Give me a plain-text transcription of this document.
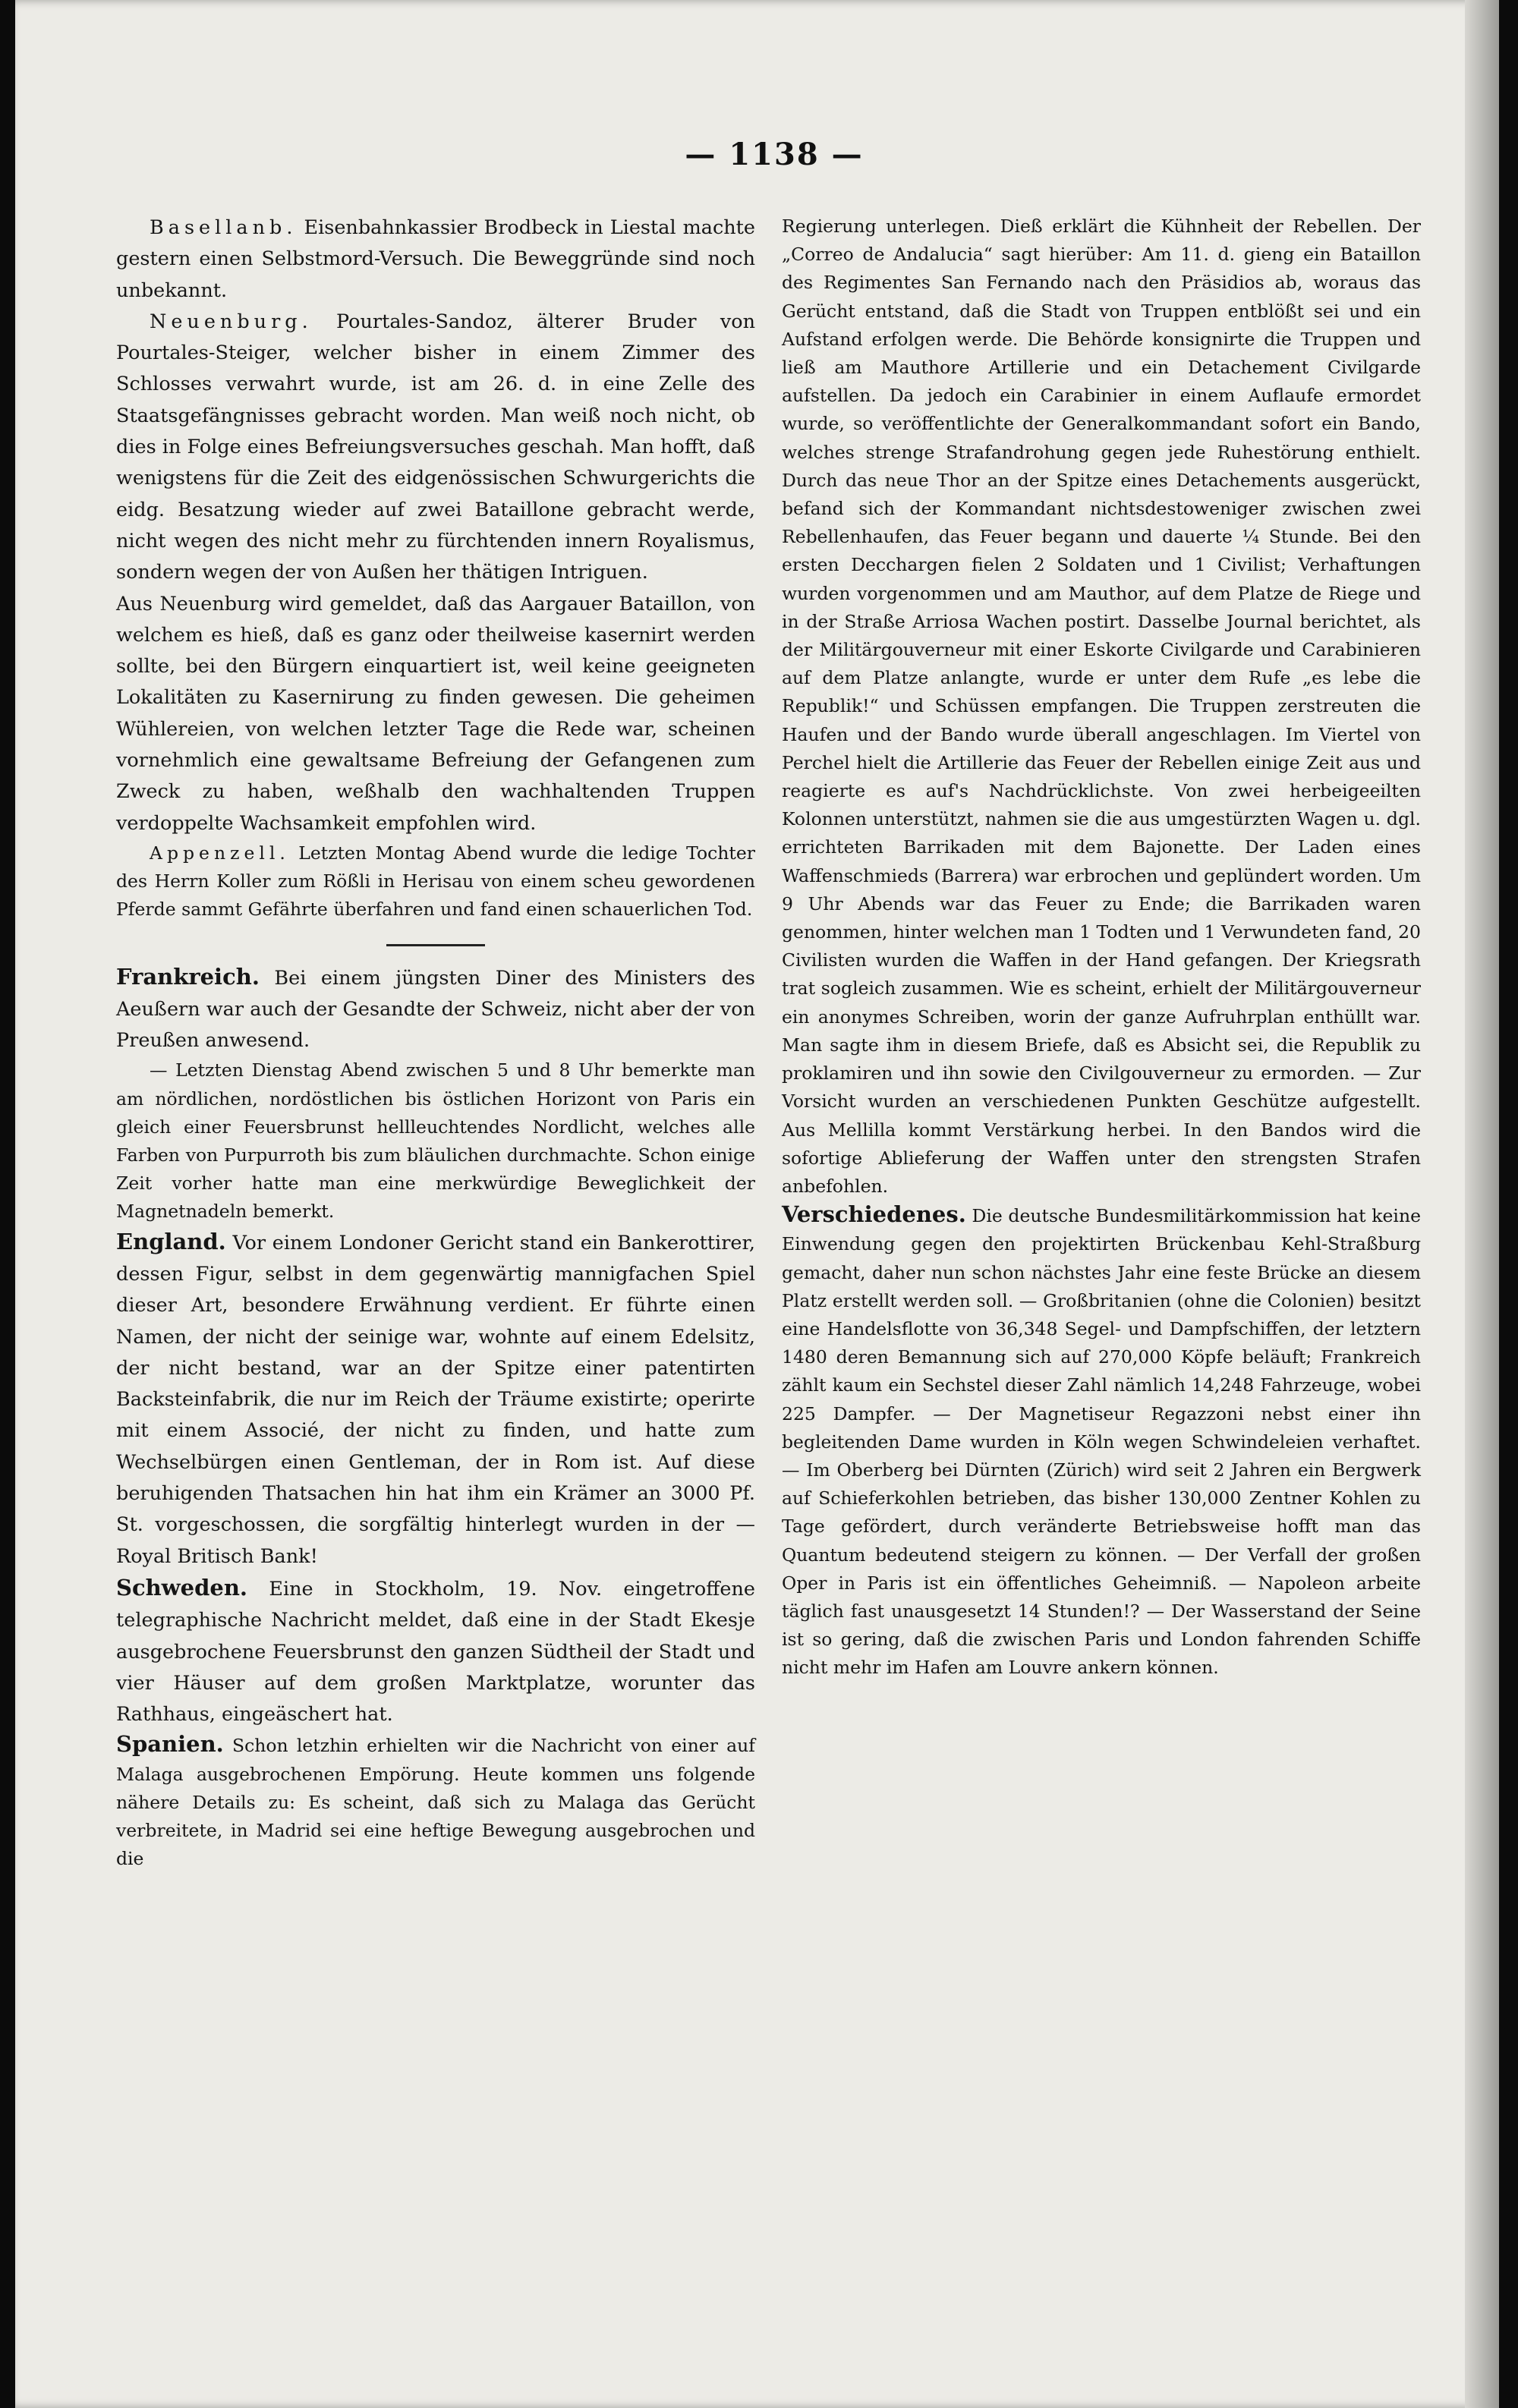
— 1138 —

Basellanb. Eisenbahnkassier Brodbeck in Liestal machte gestern einen Selbstmord-Versuch. Die Beweggründe sind noch unbekannt.

Neuenburg. Pourtales-Sandoz, älterer Bruder von Pourtales-Steiger, welcher bisher in einem Zimmer des Schlosses verwahrt wurde, ist am 26. d. in eine Zelle des Staatsgefängnisses gebracht worden. Man weiß noch nicht, ob dies in Folge eines Befreiungsversuches geschah. Man hofft, daß wenigstens für die Zeit des eidgenössischen Schwurgerichts die eidg. Besatzung wieder auf zwei Bataillone gebracht werde, nicht wegen des nicht mehr zu fürchtenden innern Royalismus, sondern wegen der von Außen her thätigen Intriguen.

Aus Neuenburg wird gemeldet, daß das Aargauer Bataillon, von welchem es hieß, daß es ganz oder theilweise kasernirt werden sollte, bei den Bürgern einquartiert ist, weil keine geeigneten Lokalitäten zu Kasernirung zu finden gewesen. Die geheimen Wühlereien, von welchen letzter Tage die Rede war, scheinen vornehmlich eine gewaltsame Befreiung der Gefangenen zum Zweck zu haben, weßhalb den wachhaltenden Truppen verdoppelte Wachsamkeit empfohlen wird.

Appenzell. Letzten Montag Abend wurde die ledige Tochter des Herrn Koller zum Rößli in Herisau von einem scheu gewordenen Pferde sammt Gefährte überfahren und fand einen schauerlichen Tod.

Frankreich. Bei einem jüngsten Diner des Ministers des Aeußern war auch der Gesandte der Schweiz, nicht aber der von Preußen anwesend.

— Letzten Dienstag Abend zwischen 5 und 8 Uhr bemerkte man am nördlichen, nordöstlichen bis östlichen Horizont von Paris ein gleich einer Feuersbrunst hellleuchtendes Nordlicht, welches alle Farben von Purpurroth bis zum bläulichen durchmachte. Schon einige Zeit vorher hatte man eine merkwürdige Beweglichkeit der Magnetnadeln bemerkt.

England. Vor einem Londoner Gericht stand ein Bankerottirer, dessen Figur, selbst in dem gegenwärtig mannigfachen Spiel dieser Art, besondere Erwähnung verdient. Er führte einen Namen, der nicht der seinige war, wohnte auf einem Edelsitz, der nicht bestand, war an der Spitze einer patentirten Backsteinfabrik, die nur im Reich der Träume existirte; operirte mit einem Associé, der nicht zu finden, und hatte zum Wechselbürgen einen Gentleman, der in Rom ist. Auf diese beruhigenden Thatsachen hin hat ihm ein Krämer an 3000 Pf. St. vorgeschossen, die sorgfältig hinterlegt wurden in der — Royal Britisch Bank!

Schweden. Eine in Stockholm, 19. Nov. eingetroffene telegraphische Nachricht meldet, daß eine in der Stadt Ekesje ausgebrochene Feuersbrunst den ganzen Südtheil der Stadt und vier Häuser auf dem großen Marktplatze, worunter das Rathhaus, eingeäschert hat.

Spanien. Schon letzhin erhielten wir die Nachricht von einer auf Malaga ausgebrochenen Empörung. Heute kommen uns folgende nähere Details zu: Es scheint, daß sich zu Malaga das Gerücht verbreitete, in Madrid sei eine heftige Bewegung ausgebrochen und die

Regierung unterlegen. Dieß erklärt die Kühnheit der Rebellen. Der „Correo de Andalucia“ sagt hierüber: Am 11. d. gieng ein Bataillon des Regimentes San Fernando nach den Präsidios ab, woraus das Gerücht entstand, daß die Stadt von Truppen entblößt sei und ein Aufstand erfolgen werde. Die Behörde konsignirte die Truppen und ließ am Mauthore Artillerie und ein Detachement Civilgarde aufstellen. Da jedoch ein Carabinier in einem Auflaufe ermordet wurde, so veröffentlichte der Generalkommandant sofort ein Bando, welches strenge Strafandrohung gegen jede Ruhestörung enthielt. Durch das neue Thor an der Spitze eines Detachements ausgerückt, befand sich der Kommandant nichtsdestoweniger zwischen zwei Rebellenhaufen, das Feuer begann und dauerte ¼ Stunde. Bei den ersten Decchargen fielen 2 Soldaten und 1 Civilist; Verhaftungen wurden vorgenommen und am Mauthor, auf dem Platze de Riege und in der Straße Arriosa Wachen postirt. Dasselbe Journal berichtet, als der Militärgouverneur mit einer Eskorte Civilgarde und Carabinieren auf dem Platze anlangte, wurde er unter dem Rufe „es lebe die Republik!“ und Schüssen empfangen. Die Truppen zerstreuten die Haufen und der Bando wurde überall angeschlagen. Im Viertel von Perchel hielt die Artillerie das Feuer der Rebellen einige Zeit aus und reagierte es auf's Nachdrücklichste. Von zwei herbeigeeilten Kolonnen unterstützt, nahmen sie die aus umgestürzten Wagen u. dgl. errichteten Barrikaden mit dem Bajonette. Der Laden eines Waffenschmieds (Barrera) war erbrochen und geplündert worden. Um 9 Uhr Abends war das Feuer zu Ende; die Barrikaden waren genommen, hinter welchen man 1 Todten und 1 Verwundeten fand, 20 Civilisten wurden die Waffen in der Hand gefangen. Der Kriegsrath trat sogleich zusammen. Wie es scheint, erhielt der Militärgouverneur ein anonymes Schreiben, worin der ganze Aufruhrplan enthüllt war. Man sagte ihm in diesem Briefe, daß es Absicht sei, die Republik zu proklamiren und ihn sowie den Civilgouverneur zu ermorden. — Zur Vorsicht wurden an verschiedenen Punkten Geschütze aufgestellt. Aus Mellilla kommt Verstärkung herbei. In den Bandos wird die sofortige Ablieferung der Waffen unter den strengsten Strafen anbefohlen.

Verschiedenes. Die deutsche Bundesmilitärkommission hat keine Einwendung gegen den projektirten Brückenbau Kehl-Straßburg gemacht, daher nun schon nächstes Jahr eine feste Brücke an diesem Platz erstellt werden soll. — Großbritanien (ohne die Colonien) besitzt eine Handelsflotte von 36,348 Segel- und Dampfschiffen, der letztern 1480 deren Bemannung sich auf 270,000 Köpfe beläuft; Frankreich zählt kaum ein Sechstel dieser Zahl nämlich 14,248 Fahrzeuge, wobei 225 Dampfer. — Der Magnetiseur Regazzoni nebst einer ihn begleitenden Dame wurden in Köln wegen Schwindeleien verhaftet. — Im Oberberg bei Dürnten (Zürich) wird seit 2 Jahren ein Bergwerk auf Schieferkohlen betrieben, das bisher 130,000 Zentner Kohlen zu Tage gefördert, durch veränderte Betriebsweise hofft man das Quantum bedeutend steigern zu können. — Der Verfall der großen Oper in Paris ist ein öffentliches Geheimniß. — Napoleon arbeite täglich fast unausgesetzt 14 Stunden!? — Der Wasserstand der Seine ist so gering, daß die zwischen Paris und London fahrenden Schiffe nicht mehr im Hafen am Louvre ankern können.
